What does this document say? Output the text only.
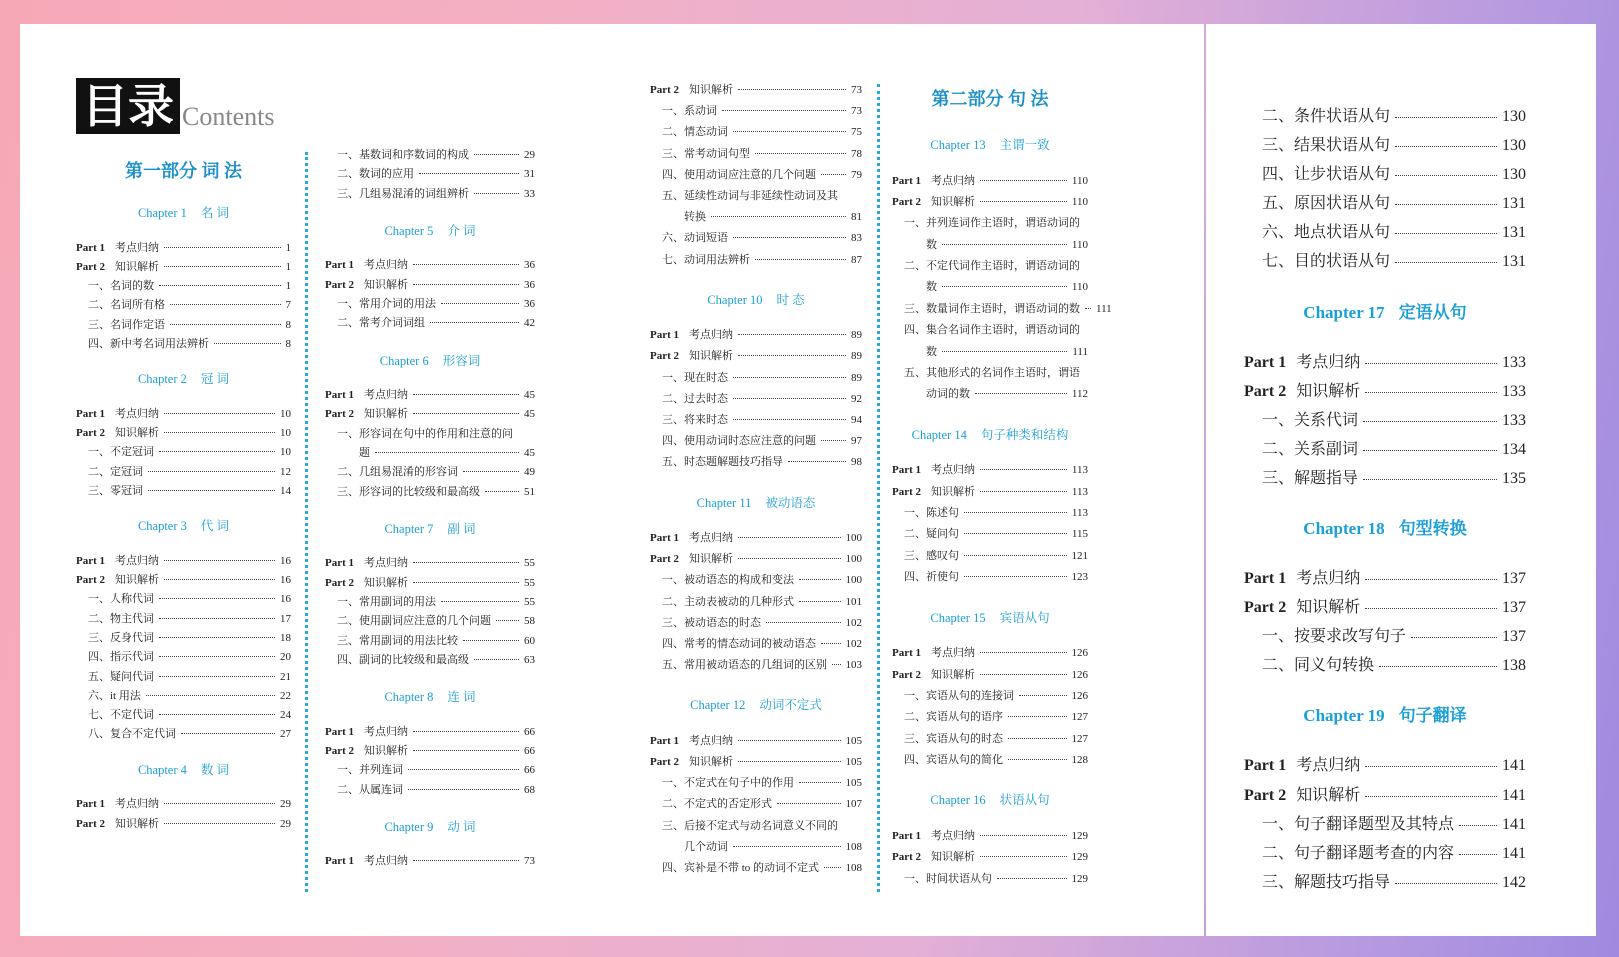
目录 Contents
第一部分 词 法
Chapter 1 名 词
Part 1 考点归纳	1
Part 2 知识解析	1
一、名词的数	1
二、名词所有格	7
三、名词作定语	8
四、新中考名词用法辨析	8
Chapter 2 冠 词
Part 1 考点归纳	10
Part 2 知识解析	10
一、不定冠词	10
二、定冠词	12
三、零冠词	14
Chapter 3 代 词
Part 1 考点归纳	16
Part 2 知识解析	16
一、人称代词	16
二、物主代词	17
三、反身代词	18
四、指示代词	20
五、疑问代词	21
六、it 用法	22
七、不定代词	24
八、复合不定代词	27
Chapter 4 数 词
Part 1 考点归纳	29
Part 2 知识解析	29
一、基数词和序数词的构成	29
二、数词的应用	31
三、几组易混淆的词组辨析	33
Chapter 5 介 词
Part 1 考点归纳	36
Part 2 知识解析	36
一、常用介词的用法	36
二、常考介词词组	42
Chapter 6 形容词
Part 1 考点归纳	45
Part 2 知识解析	45
一、形容词在句中的作用和注意的问
题	45
二、几组易混淆的形容词	49
三、形容词的比较级和最高级	51
Chapter 7 副 词
Part 1 考点归纳	55
Part 2 知识解析	55
一、常用副词的用法	55
二、使用副词应注意的几个问题	58
三、常用副词的用法比较	60
四、副词的比较级和最高级	63
Chapter 8 连 词
Part 1 考点归纳	66
Part 2 知识解析	66
一、并列连词	66
二、从属连词	68
Chapter 9 动 词
Part 1 考点归纳	73
Part 2 知识解析	73
一、系动词	73
二、情态动词	75
三、常考动词句型	78
四、使用动词应注意的几个问题	79
五、延续性动词与非延续性动词及其
转换	81
六、动词短语	83
七、动词用法辨析	87
Chapter 10 时 态
Part 1 考点归纳	89
Part 2 知识解析	89
一、现在时态	89
二、过去时态	92
三、将来时态	94
四、使用动词时态应注意的问题	97
五、时态题解题技巧指导	98
Chapter 11 被动语态
Part 1 考点归纳	100
Part 2 知识解析	100
一、被动语态的构成和变法	100
二、主动表被动的几种形式	101
三、被动语态的时态	102
四、常考的情态动词的被动语态	102
五、常用被动语态的几组词的区别 103
Chapter 12 动词不定式
Part 1 考点归纳	105
Part 2 知识解析	105
一、不定式在句子中的作用	105
二、不定式的否定形式	107
三、后接不定式与动名词意义不同的
几个动词	108
四、宾补是不带 to 的动词不定式 108
第二部分 句 法
Chapter 13 主谓一致
Part 1 考点归纳	110
Part 2 知识解析	110
一、并列连词作主语时，谓语动词的
数	110
二、不定代词作主语时，谓语动词的
数	110
三、数量词作主语时，谓语动词的数 111
四、集合名词作主语时，谓语动词的
数	111
五、其他形式的名词作主语时，谓语
动词的数	112
Chapter 14 句子种类和结构
Part 1 考点归纳	113
Part 2 知识解析	113
一、陈述句	113
二、疑问句	115
三、感叹句	121
四、祈使句	123
Chapter 15 宾语从句
Part 1 考点归纳	126
Part 2 知识解析	126
一、宾语从句的连接词	126
二、宾语从句的语序	127
三、宾语从句的时态	127
四、宾语从句的简化	128
Chapter 16 状语从句
Part 1 考点归纳	129
Part 2 知识解析	129
一、时间状语从句	129
二、条件状语从句	130
三、结果状语从句	130
四、让步状语从句	130
五、原因状语从句	131
六、地点状语从句	131
七、目的状语从句	131
Chapter 17 定语从句
Part 1 考点归纳	133
Part 2 知识解析	133
一、关系代词	133
二、关系副词	134
三、解题指导	135
Chapter 18 句型转换
Part 1 考点归纳	137
Part 2 知识解析	137
一、按要求改写句子	137
二、同义句转换	138
Chapter 19 句子翻译
Part 1 考点归纳	141
Part 2 知识解析	141
一、句子翻译题型及其特点	141
二、句子翻译题考查的内容	141
三、解题技巧指导	142
